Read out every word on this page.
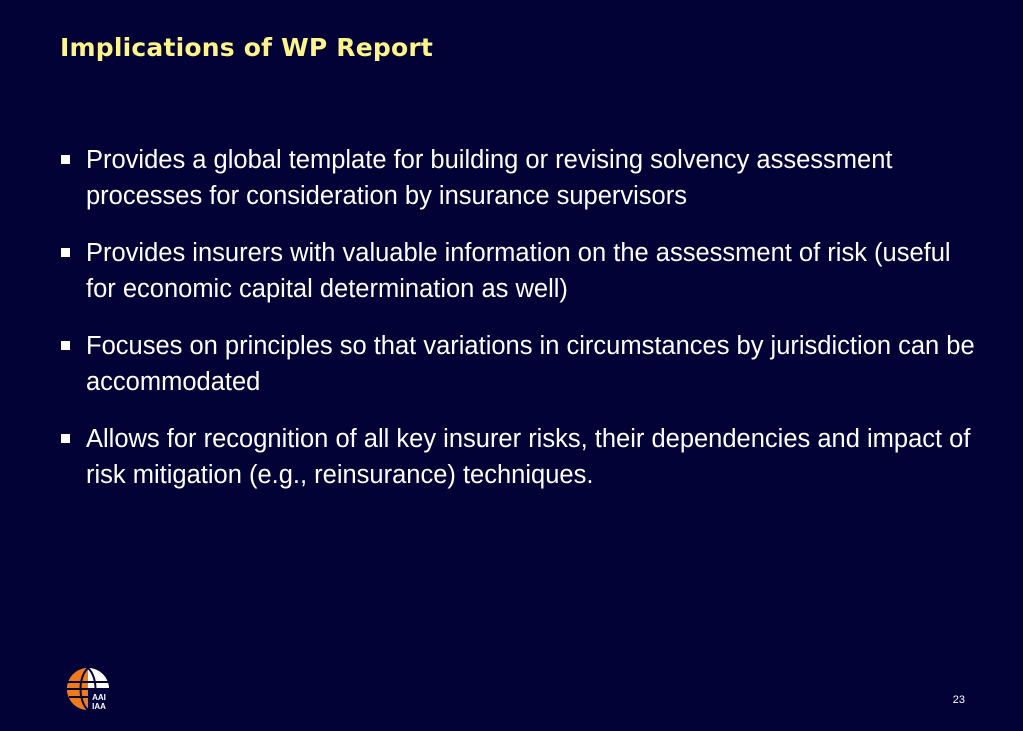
Implications of WP Report
Provides a global template for building or revising solvency assessment processes for consideration by insurance supervisors
Provides insurers with valuable information on the assessment of risk (useful for economic capital determination as well)
Focuses on principles so that variations in circumstances by jurisdiction can be accommodated
Allows for recognition of all key insurer risks, their dependencies and impact of risk mitigation (e.g., reinsurance) techniques.
AAI
IAA
23
